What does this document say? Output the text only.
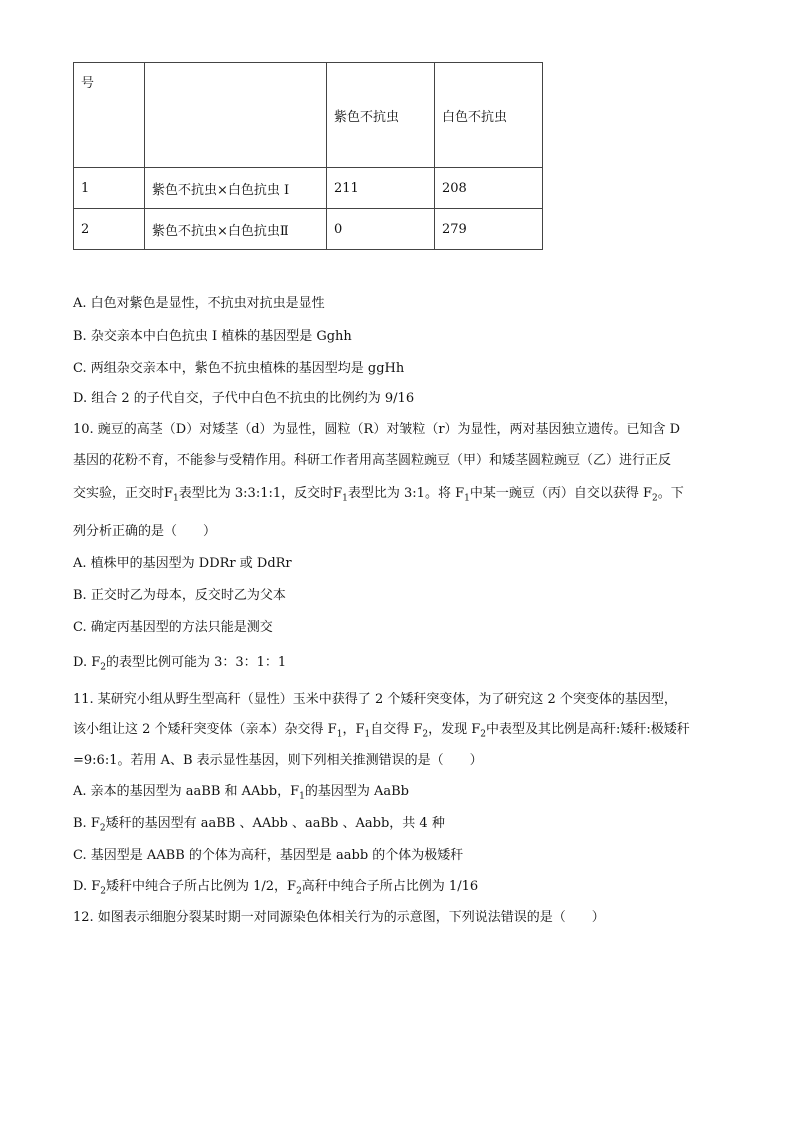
号		紫色不抗虫	白色不抗虫
1	紫色不抗虫×白色抗虫 I	211	208
2	紫色不抗虫×白色抗虫Ⅱ	0	279
A. 白色对紫色是显性，不抗虫对抗虫是显性
B. 杂交亲本中白色抗虫 I 植株的基因型是 Gghh
C. 两组杂交亲本中，紫色不抗虫植株的基因型均是 ggHh
D. 组合 2 的子代自交，子代中白色不抗虫的比例约为 9/16
10. 豌豆的高茎（D）对矮茎（d）为显性，圆粒（R）对皱粒（r）为显性，两对基因独立遗传。已知含 D
基因的花粉不育，不能参与受精作用。科研工作者用高茎圆粒豌豆（甲）和矮茎圆粒豌豆（乙）进行正反
交实验，正交时$F_1$表型比为 3:3:1:1，反交时$F_1$表型比为 3:1。将 $F_1$中某一豌豆（丙）自交以获得 $F_2$。下
列分析正确的是（　　）
A. 植株甲的基因型为 DDRr 或 DdRr
B. 正交时乙为母本，反交时乙为父本
C. 确定丙基因型的方法只能是测交
D. $F_2$的表型比例可能为 3：3：1：1
11. 某研究小组从野生型高秆（显性）玉米中获得了 2 个矮秆突变体，为了研究这 2 个突变体的基因型，
该小组让这 2 个矮秆突变体（亲本）杂交得 $F_1$，$F_1$自交得 $F_2$，发现 $F_2$中表型及其比例是高秆:矮秆:极矮秆
=9:6:1。若用 A、B 表示显性基因，则下列相关推测错误的是（　　）
A. 亲本的基因型为 aaBB 和 AAbb，$F_1$的基因型为 AaBb
B. $F_2$矮秆的基因型有 aaBB 、AAbb 、aaBb 、Aabb，共 4 种
C. 基因型是 AABB 的个体为高秆，基因型是 aabb 的个体为极矮秆
D. $F_2$矮秆中纯合子所占比例为 1/2，$F_2$高秆中纯合子所占比例为 1/16
12. 如图表示细胞分裂某时期一对同源染色体相关行为的示意图，下列说法错误的是（　　）
